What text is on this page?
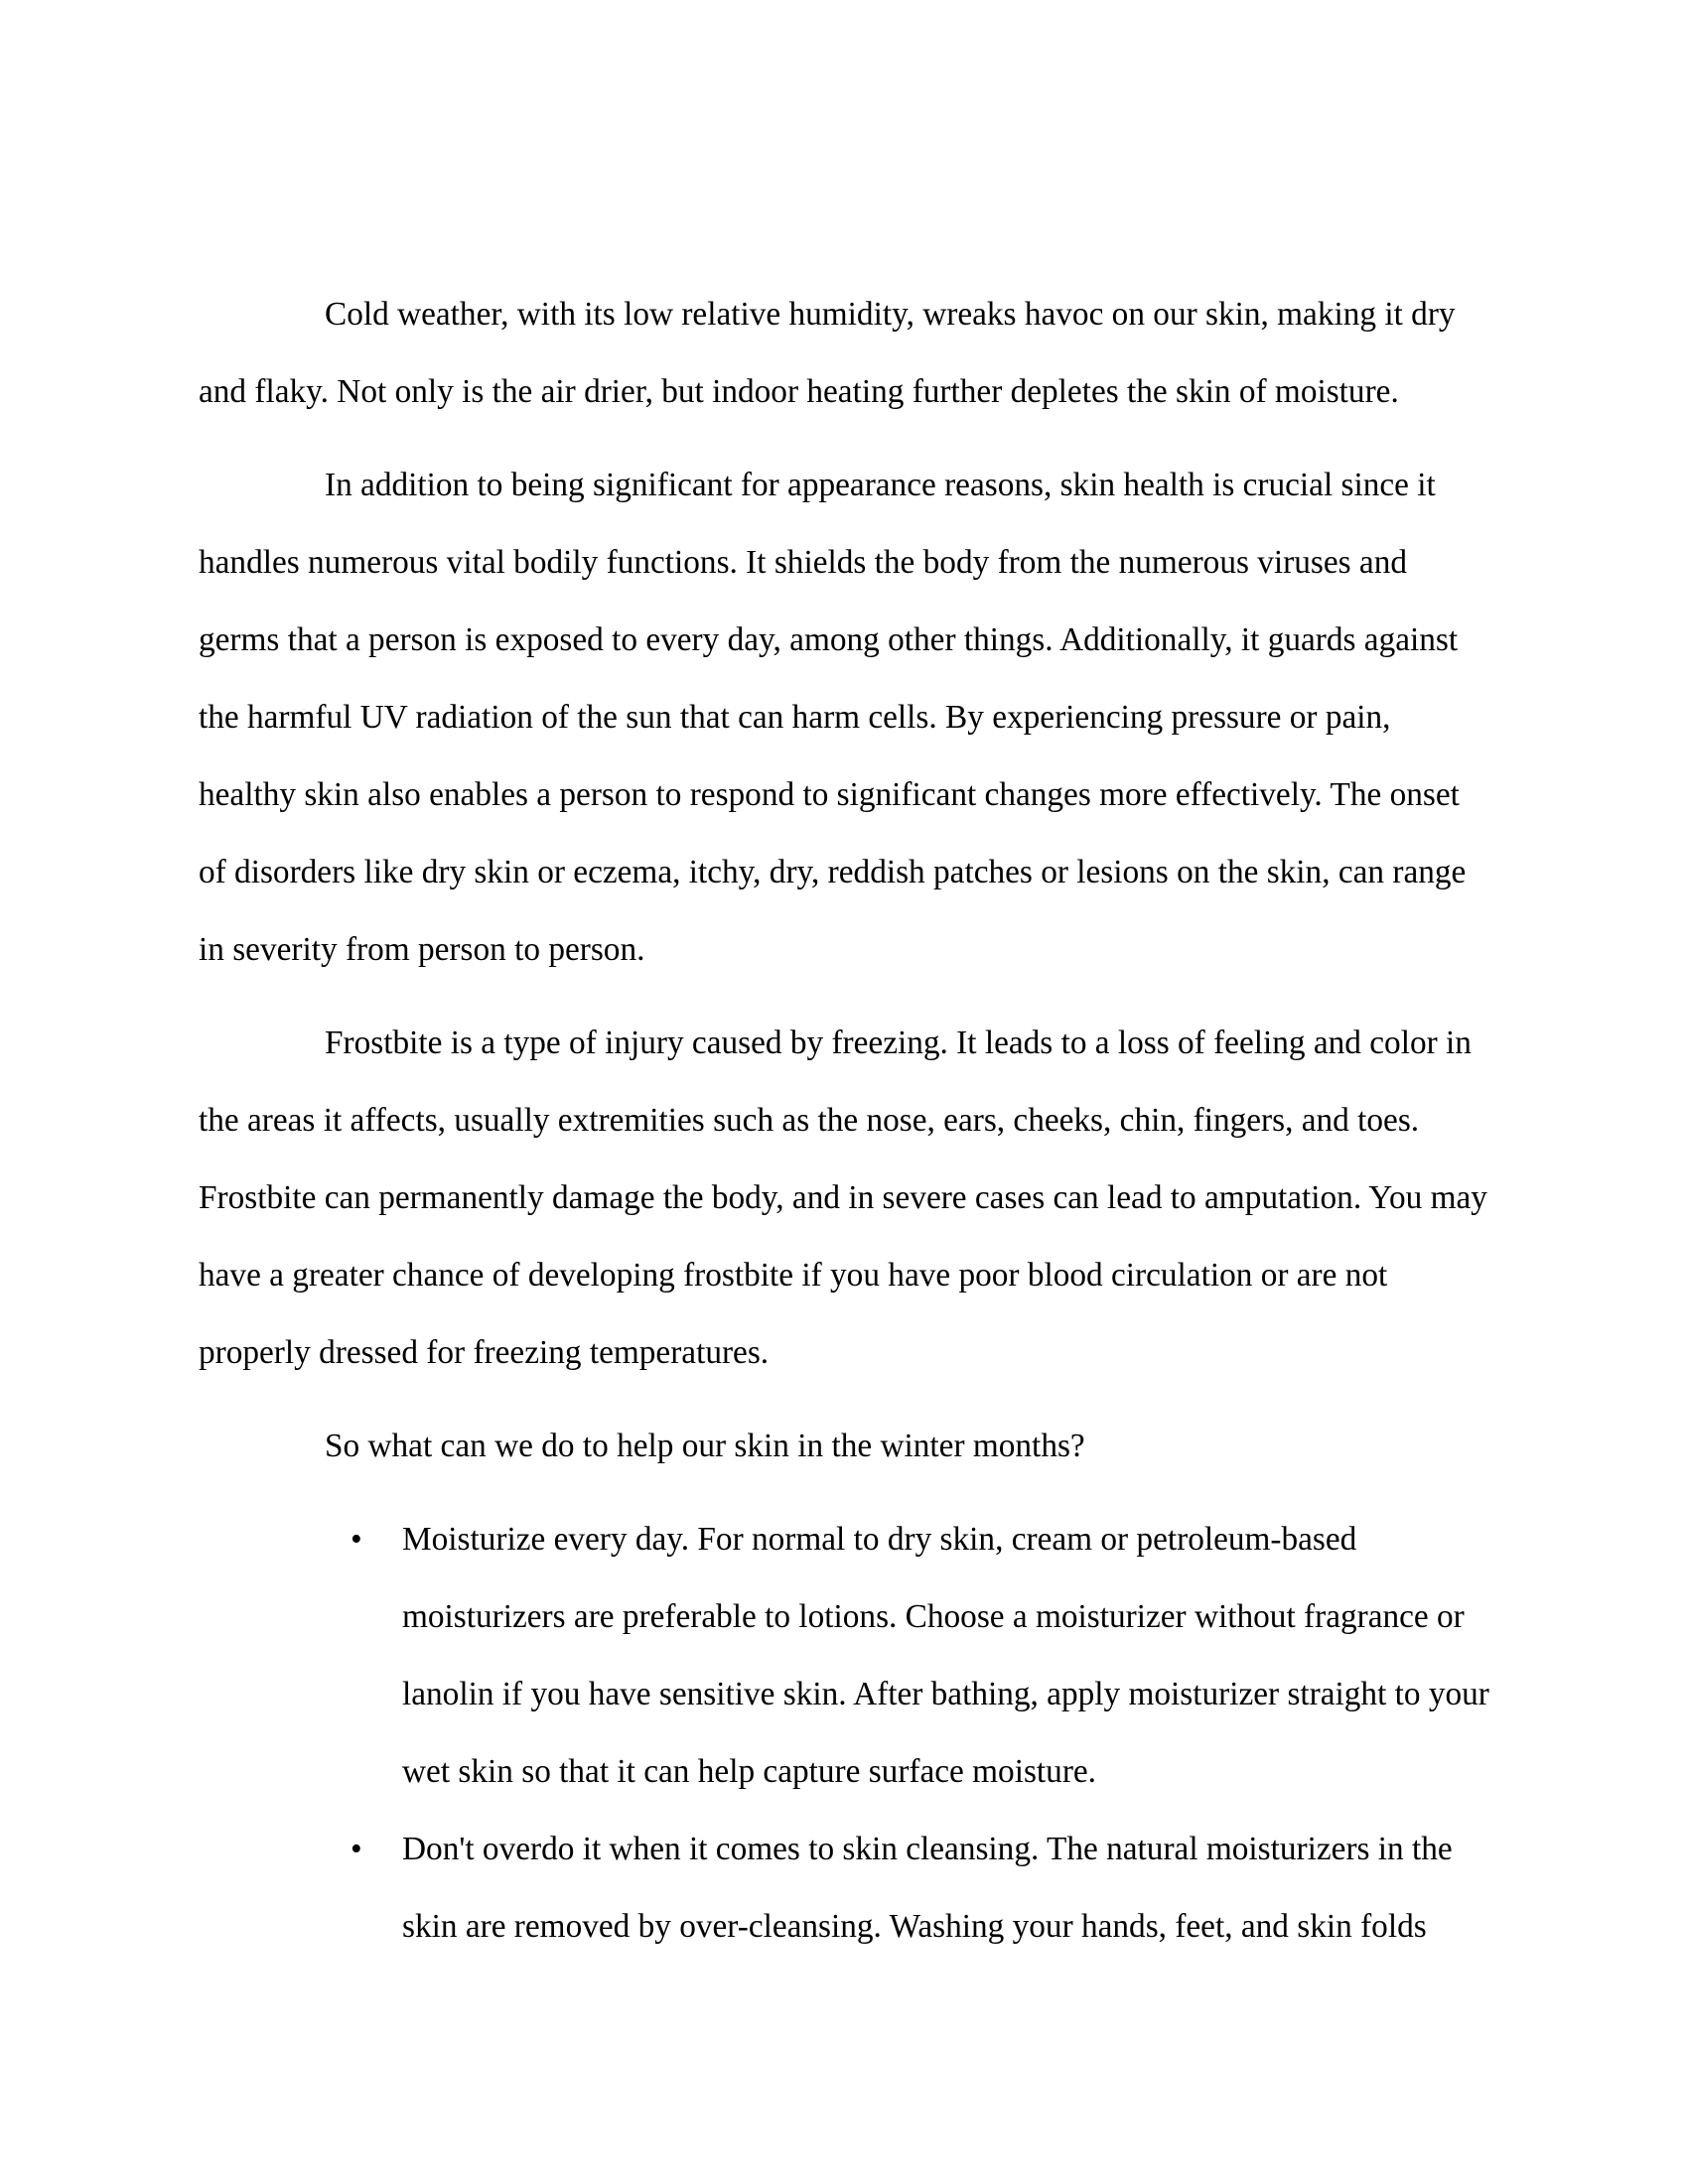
Cold weather, with its low relative humidity, wreaks havoc on our skin, making it dry and flaky. Not only is the air drier, but indoor heating further depletes the skin of moisture.

In addition to being significant for appearance reasons, skin health is crucial since it handles numerous vital bodily functions. It shields the body from the numerous viruses and germs that a person is exposed to every day, among other things. Additionally, it guards against the harmful UV radiation of the sun that can harm cells. By experiencing pressure or pain, healthy skin also enables a person to respond to significant changes more effectively. The onset of disorders like dry skin or eczema, itchy, dry, reddish patches or lesions on the skin, can range in severity from person to person.

Frostbite is a type of injury caused by freezing. It leads to a loss of feeling and color in the areas it affects, usually extremities such as the nose, ears, cheeks, chin, fingers, and toes. Frostbite can permanently damage the body, and in severe cases can lead to amputation. You may have a greater chance of developing frostbite if you have poor blood circulation or are not properly dressed for freezing temperatures.

So what can we do to help our skin in the winter months?

• Moisturize every day. For normal to dry skin, cream or petroleum-based moisturizers are preferable to lotions. Choose a moisturizer without fragrance or lanolin if you have sensitive skin. After bathing, apply moisturizer straight to your wet skin so that it can help capture surface moisture.
• Don't overdo it when it comes to skin cleansing. The natural moisturizers in the skin are removed by over-cleansing. Washing your hands, feet, and skin folds
